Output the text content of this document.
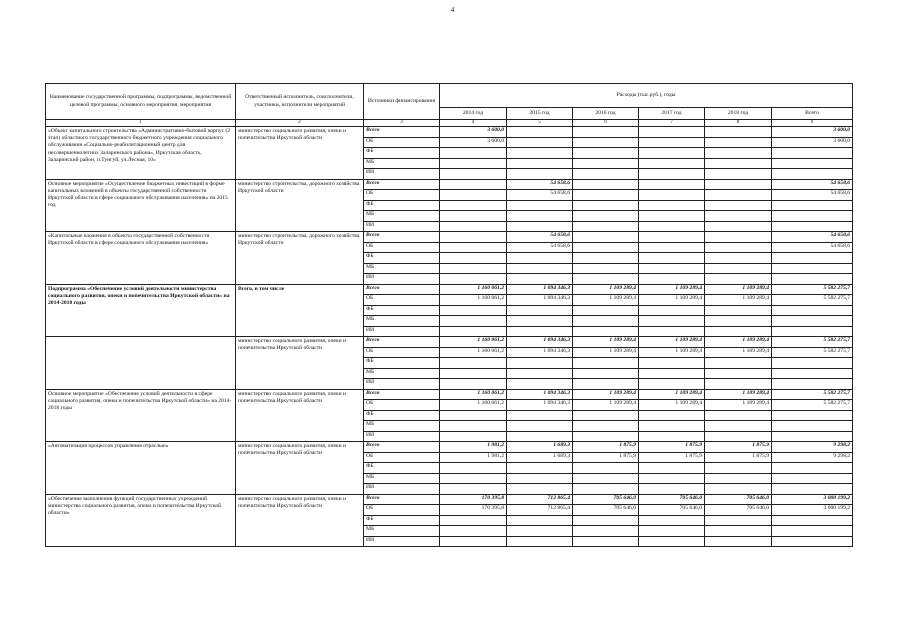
4
Наименование государственной программы, подпрограммы, ведомственной целевой программы, основного мероприятия, мероприятия	Ответственный исполнитель, соисполнители, участники, исполнители мероприятий	Источники финансирования	Расходы (тыс.руб.), годы					
			2014 год	2015 год	2016 год	2017 год	2018 год	Всего
1	2	3	4	5	6	7	8	9
«Объект капитального строительства «Административно-бытовой корпус (2 этап) областного государственного бюджетного учреждения социального обслуживания «Социально-реабилитационный центр для несовершеннолетних Заларинского района», Иркутская область, Заларинский район, п.Тунгуй, ул.Лесная, 10»	министерство социального развития, опеки и попечительства Иркутской области	Всего	3 600,0					3 600,0
		ОБ	3 600,0					3 600,0
		ФБ						
		МБ						
		ИИ						
Основное мероприятие «Осуществление бюджетных инвестиций в форме капитальных вложений в объекты государственной собственности Иркутской области в сфере социального обслуживания населения» на 2015 год	министерство строительства, дорожного хозяйства Иркутской области	Всего		54 658,6				54 658,6
		ОБ		54 658,6				54 658,6
		ФБ						
		МБ						
		ИИ						
«Капитальные вложения в объекты государственной собственности Иркутской области в сфере социального обслуживания населения»	министерство строительства, дорожного хозяйства Иркутской области	Всего		54 658,6				54 658,6
		ОБ		54 658,6				54 658,6
		ФБ						
		МБ						
		ИИ						
Подпрограмма «Обеспечение условий деятельности министерства социального развития, опеки и попечительства Иркутской области» на 2014-2018 годы	Всего, в том числе	Всего	1 160 061,2	1 094 346,3	1 109 289,4	1 109 289,4	1 109 289,4	5 582 275,7
		ОБ	1 160 061,2	1 094 346,3	1 109 289,4	1 109 289,4	1 109 289,4	5 582 275,7
		ФБ						
		МБ						
		ИИ						
	министерство социального развития, опеки и попечительства Иркутской области	Всего	1 160 061,2	1 094 346,3	1 109 289,4	1 109 289,4	1 109 289,4	5 582 275,7
		ОБ	1 160 061,2	1 094 346,3	1 109 289,4	1 109 289,4	1 109 289,4	5 582 275,7
		ФБ						
		МБ						
		ИИ						
Основное мероприятие «Обеспечение условий деятельности в сфере социального развития, опеки и попечительства Иркутской области» на 2014-2018 годы	министерство социального развития, опеки и попечительства Иркутской области	Всего	1 160 061,2	1 094 346,3	1 109 289,4	1 109 289,4	1 109 289,4	5 582 275,7
		ОБ	1 160 061,2	1 094 346,3	1 109 289,4	1 109 289,4	1 109 289,4	5 582 275,7
		ФБ						
		МБ						
		ИИ						
«Автоматизация процессов управления отраслью»	министерство социального развития, опеки и попечительства Иркутской области	Всего	1 981,2	1 689,3	1 875,9	1 875,9	1 875,9	9 298,2
		ОБ	1 981,2	1 689,3	1 875,9	1 875,9	1 875,9	9 298,2
		ФБ						
		МБ						
		ИИ						
«Обеспечение выполнения функций государственных учреждений министерства социального развития, опеки и попечительства Иркутской области»	министерство социального развития, опеки и попечительства Иркутской области	Всего	170 395,8	712 865,4	705 646,0	705 646,0	705 646,0	3 000 199,2
		ОБ	170 395,8	712 865,4	705 646,0	705 646,0	705 646,0	3 000 199,2
		ФБ						
		МБ						
		ИИ						
